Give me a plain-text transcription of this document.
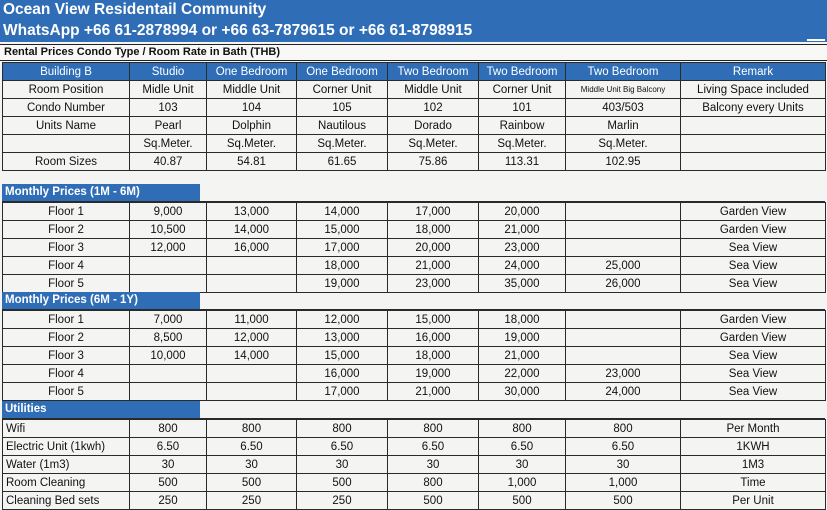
Ocean View Residentail Community
WhatsApp +66 61-2878994 or +66 63-7879615 or +66 61-8798915
Rental Prices Condo Type / Room Rate in Bath (THB)
Building B	Studio	One Bedroom	One Bedroom	Two Bedroom	Two Bedroom	Two Bedroom	Remark
Room Position	Midle Unit	Middle Unit	Corner Unit	Middle Unit	Corner Unit	Middle Unit Big Balcony	Living Space included
Condo Number	103	104	105	102	101	403/503	Balcony every Units
Units Name	Pearl	Dolphin	Nautilous	Dorado	Rainbow	Marlin	
	Sq.Meter.	Sq.Meter.	Sq.Meter.	Sq.Meter.	Sq.Meter.	Sq.Meter.	
Room Sizes	40.87	54.81	61.65	75.86	113.31	102.95	
Monthly Prices (1M - 6M)
Floor 1	9,000	13,000	14,000	17,000	20,000		Garden View
Floor 2	10,500	14,000	15,000	18,000	21,000		Garden View
Floor 3	12,000	16,000	17,000	20,000	23,000		Sea View
Floor 4			18,000	21,000	24,000	25,000	Sea View
Floor 5			19,000	23,000	35,000	26,000	Sea View
Monthly Prices (6M - 1Y)
Floor 1	7,000	11,000	12,000	15,000	18,000		Garden View
Floor 2	8,500	12,000	13,000	16,000	19,000		Garden View
Floor 3	10,000	14,000	15,000	18,000	21,000		Sea View
Floor 4			16,000	19,000	22,000	23,000	Sea View
Floor 5			17,000	21,000	30,000	24,000	Sea View
Utilities
Wifi	800	800	800	800	800	800	Per Month
Electric Unit (1kwh)	6.50	6.50	6.50	6.50	6.50	6.50	1KWH
Water (1m3)	30	30	30	30	30	30	1M3
Room Cleaning	500	500	500	800	1,000	1,000	Time
Cleaning Bed sets	250	250	250	500	500	500	Per Unit
